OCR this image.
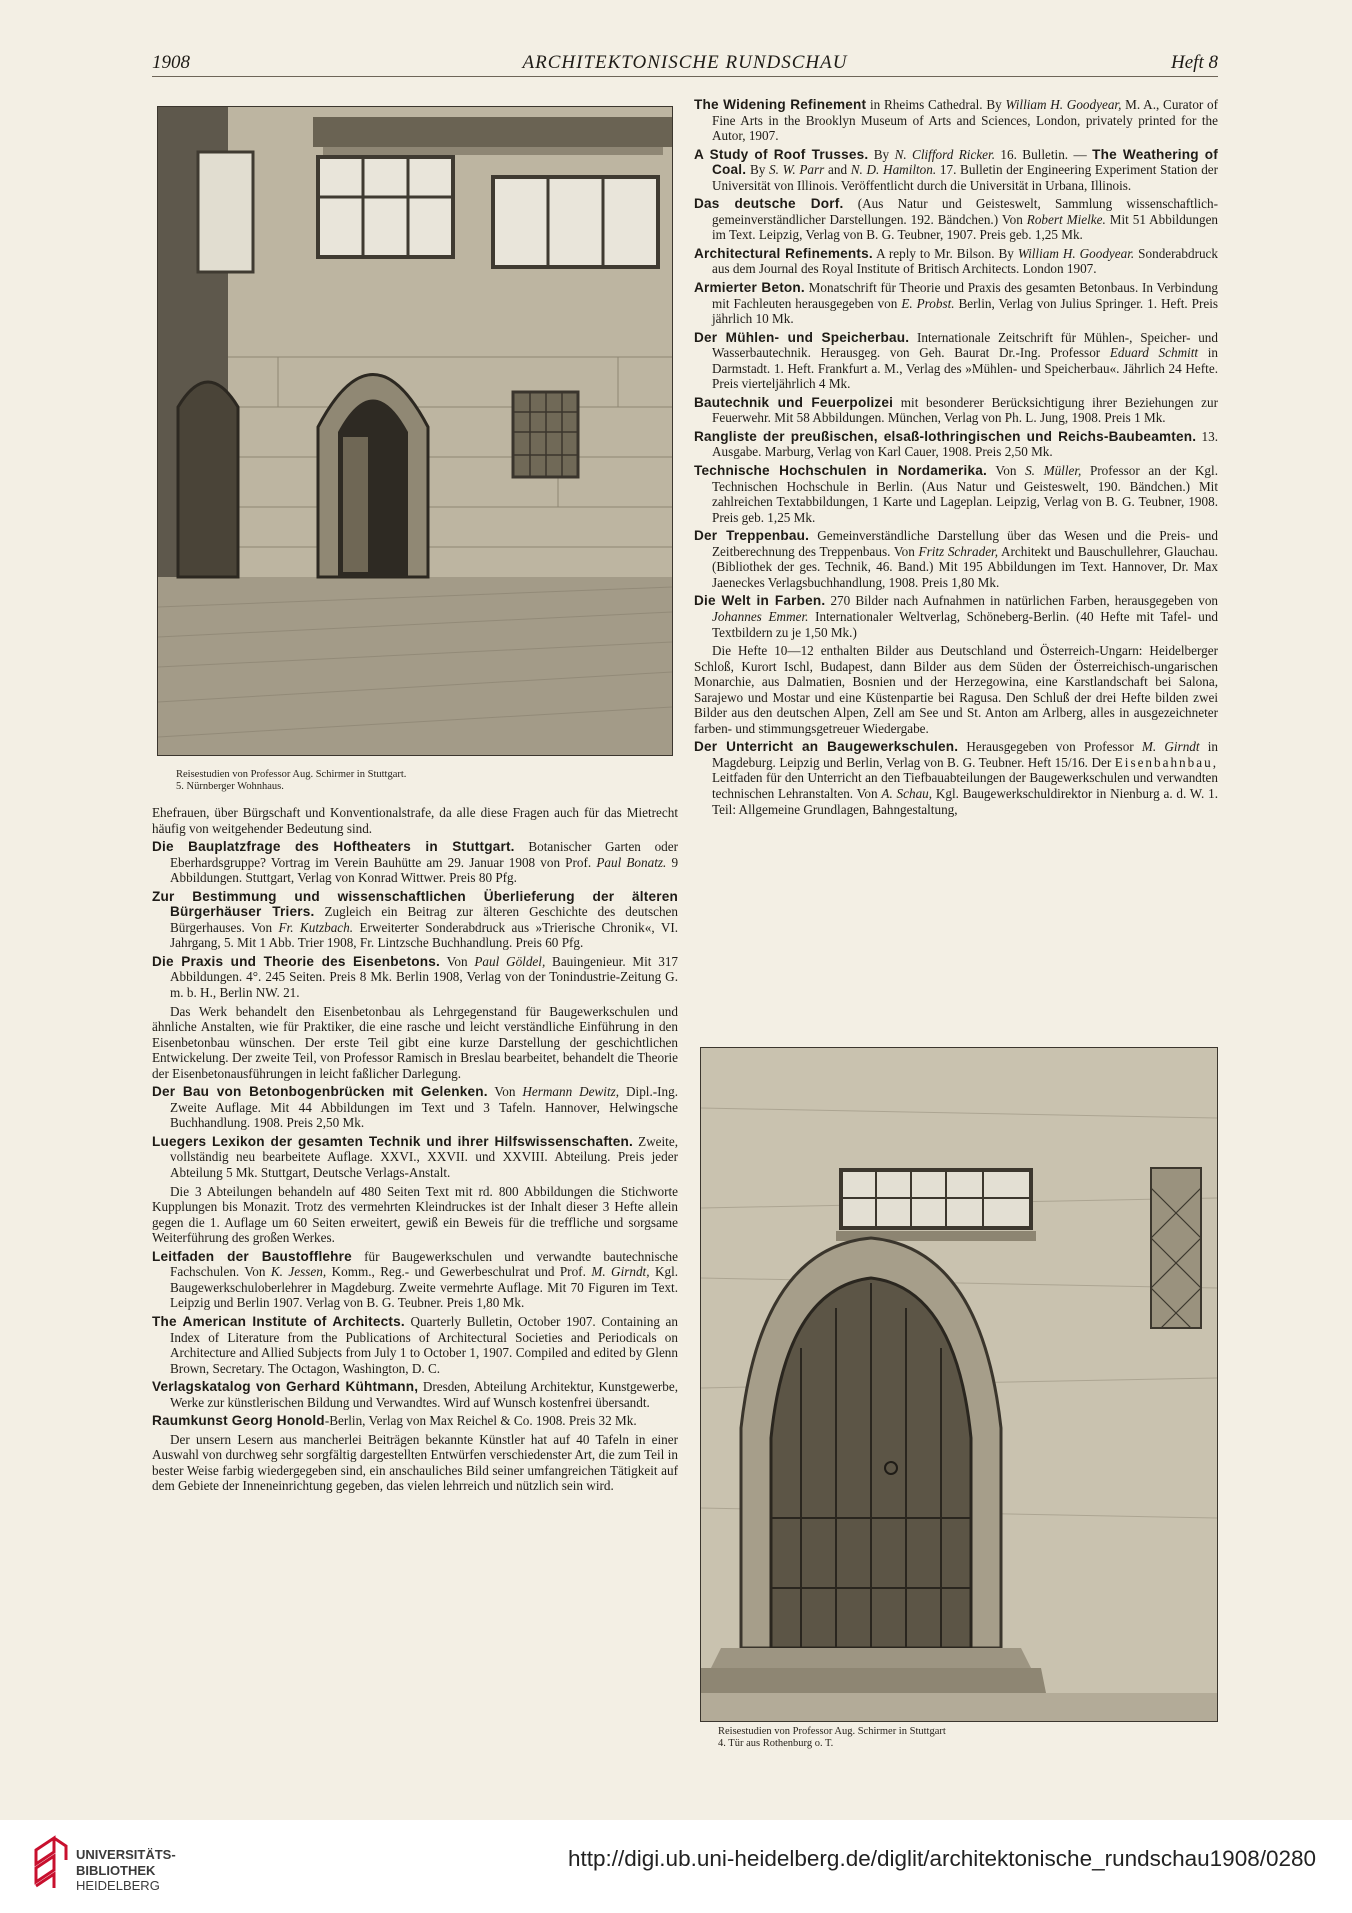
1908	ARCHITEKTONISCHE RUNDSCHAU	Heft 8
Reisestudien von Professor Aug. Schirmer in Stuttgart.
5. Nürnberger Wohnhaus.

Ehefrauen, über Bürgschaft und Konventionalstrafe, da alle diese Fragen auch für das Mietrecht häufig von weitgehender Bedeutung sind.

Die Bauplatzfrage des Hoftheaters in Stuttgart. Botanischer Garten oder Eberhardsgruppe? Vortrag im Verein Bauhütte am 29. Januar 1908 von Prof. Paul Bonatz. 9 Abbildungen. Stuttgart, Verlag von Konrad Wittwer. Preis 80 Pfg.

Zur Bestimmung und wissenschaftlichen Überlieferung der älteren Bürgerhäuser Triers. Zugleich ein Beitrag zur älteren Geschichte des deutschen Bürgerhauses. Von Fr. Kutzbach. Erweiterter Sonderabdruck aus »Trierische Chronik«, VI. Jahrgang, 5. Mit 1 Abb. Trier 1908, Fr. Lintzsche Buchhandlung. Preis 60 Pfg.

Die Praxis und Theorie des Eisenbetons. Von Paul Göldel, Bauingenieur. Mit 317 Abbildungen. 4°. 245 Seiten. Preis 8 Mk. Berlin 1908, Verlag von der Tonindustrie-Zeitung G. m. b. H., Berlin NW. 21.

Das Werk behandelt den Eisenbetonbau als Lehrgegenstand für Baugewerkschulen und ähnliche Anstalten, wie für Praktiker, die eine rasche und leicht verständliche Einführung in den Eisenbetonbau wünschen. Der erste Teil gibt eine kurze Darstellung der geschichtlichen Entwickelung. Der zweite Teil, von Professor Ramisch in Breslau bearbeitet, behandelt die Theorie der Eisenbetonausführungen in leicht faßlicher Darlegung.

Der Bau von Betonbogenbrücken mit Gelenken. Von Hermann Dewitz, Dipl.-Ing. Zweite Auflage. Mit 44 Abbildungen im Text und 3 Tafeln. Hannover, Helwingsche Buchhandlung. 1908. Preis 2,50 Mk.

Luegers Lexikon der gesamten Technik und ihrer Hilfswissenschaften. Zweite, vollständig neu bearbeitete Auflage. XXVI., XXVII. und XXVIII. Abteilung. Preis jeder Abteilung 5 Mk. Stuttgart, Deutsche Verlags-Anstalt.

Die 3 Abteilungen behandeln auf 480 Seiten Text mit rd. 800 Abbildungen die Stichworte Kupplungen bis Monazit. Trotz des vermehrten Kleindruckes ist der Inhalt dieser 3 Hefte allein gegen die 1. Auflage um 60 Seiten erweitert, gewiß ein Beweis für die treffliche und sorgsame Weiterführung des großen Werkes.

Leitfaden der Baustofflehre für Baugewerkschulen und verwandte bautechnische Fachschulen. Von K. Jessen, Komm., Reg.- und Gewerbeschulrat und Prof. M. Girndt, Kgl. Baugewerkschuloberlehrer in Magdeburg. Zweite vermehrte Auflage. Mit 70 Figuren im Text. Leipzig und Berlin 1907. Verlag von B. G. Teubner. Preis 1,80 Mk.

The American Institute of Architects. Quarterly Bulletin, October 1907. Containing an Index of Literature from the Publications of Architectural Societies and Periodicals on Architecture and Allied Subjects from July 1 to October 1, 1907. Compiled and edited by Glenn Brown, Secretary. The Octagon, Washington, D. C.

Verlagskatalog von Gerhard Kühtmann, Dresden, Abteilung Architektur, Kunstgewerbe, Werke zur künstlerischen Bildung und Verwandtes. Wird auf Wunsch kostenfrei übersandt.

Raumkunst Georg Honold-Berlin, Verlag von Max Reichel & Co. 1908. Preis 32 Mk.

Der unsern Lesern aus mancherlei Beiträgen bekannte Künstler hat auf 40 Tafeln in einer Auswahl von durchweg sehr sorgfältig dargestellten Entwürfen verschiedenster Art, die zum Teil in bester Weise farbig wiedergegeben sind, ein anschauliches Bild seiner umfangreichen Tätigkeit auf dem Gebiete der Inneneinrichtung gegeben, das vielen lehrreich und nützlich sein wird.

The Widening Refinement in Rheims Cathedral. By William H. Goodyear, M. A., Curator of Fine Arts in the Brooklyn Museum of Arts and Sciences, London, privately printed for the Autor, 1907.

A Study of Roof Trusses. By N. Clifford Ricker. 16. Bulletin. — The Weathering of Coal. By S. W. Parr and N. D. Hamilton. 17. Bulletin der Engineering Experiment Station der Universität von Illinois. Veröffentlicht durch die Universität in Urbana, Illinois.

Das deutsche Dorf. (Aus Natur und Geisteswelt, Sammlung wissenschaftlich-gemeinverständlicher Darstellungen. 192. Bändchen.) Von Robert Mielke. Mit 51 Abbildungen im Text. Leipzig, Verlag von B. G. Teubner, 1907. Preis geb. 1,25 Mk.

Architectural Refinements. A reply to Mr. Bilson. By William H. Goodyear. Sonderabdruck aus dem Journal des Royal Institute of Britisch Architects. London 1907.

Armierter Beton. Monatschrift für Theorie und Praxis des gesamten Betonbaus. In Verbindung mit Fachleuten herausgegeben von E. Probst. Berlin, Verlag von Julius Springer. 1. Heft. Preis jährlich 10 Mk.

Der Mühlen- und Speicherbau. Internationale Zeitschrift für Mühlen-, Speicher- und Wasserbautechnik. Herausgeg. von Geh. Baurat Dr.-Ing. Professor Eduard Schmitt in Darmstadt. 1. Heft. Frankfurt a. M., Verlag des »Mühlen- und Speicherbau«. Jährlich 24 Hefte. Preis vierteljährlich 4 Mk.

Bautechnik und Feuerpolizei mit besonderer Berücksichtigung ihrer Beziehungen zur Feuerwehr. Mit 58 Abbildungen. München, Verlag von Ph. L. Jung, 1908. Preis 1 Mk.

Rangliste der preußischen, elsaß-lothringischen und Reichs-Baubeamten. 13. Ausgabe. Marburg, Verlag von Karl Cauer, 1908. Preis 2,50 Mk.

Technische Hochschulen in Nordamerika. Von S. Müller, Professor an der Kgl. Technischen Hochschule in Berlin. (Aus Natur und Geisteswelt, 190. Bändchen.) Mit zahlreichen Textabbildungen, 1 Karte und Lageplan. Leipzig, Verlag von B. G. Teubner, 1908. Preis geb. 1,25 Mk.

Der Treppenbau. Gemeinverständliche Darstellung über das Wesen und die Preis- und Zeitberechnung des Treppenbaus. Von Fritz Schrader, Architekt und Bauschullehrer, Glauchau. (Bibliothek der ges. Technik, 46. Band.) Mit 195 Abbildungen im Text. Hannover, Dr. Max Jaeneckes Verlagsbuchhandlung, 1908. Preis 1,80 Mk.

Die Welt in Farben. 270 Bilder nach Aufnahmen in natürlichen Farben, herausgegeben von Johannes Emmer. Internationaler Weltverlag, Schöneberg-Berlin. (40 Hefte mit Tafel- und Textbildern zu je 1,50 Mk.)

Die Hefte 10—12 enthalten Bilder aus Deutschland und Österreich-Ungarn: Heidelberger Schloß, Kurort Ischl, Budapest, dann Bilder aus dem Süden der Österreichisch-ungarischen Monarchie, aus Dalmatien, Bosnien und der Herzegowina, eine Karstlandschaft bei Salona, Sarajewo und Mostar und eine Küstenpartie bei Ragusa. Den Schluß der drei Hefte bilden zwei Bilder aus den deutschen Alpen, Zell am See und St. Anton am Arlberg, alles in ausgezeichneter farben- und stimmungsgetreuer Wiedergabe.

Der Unterricht an Baugewerkschulen. Herausgegeben von Professor M. Girndt in Magdeburg. Leipzig und Berlin, Verlag von B. G. Teubner. Heft 15/16. Der Eisenbahnbau, Leitfaden für den Unterricht an den Tiefbauabteilungen der Baugewerkschulen und verwandten technischen Lehranstalten. Von A. Schau, Kgl. Baugewerkschuldirektor in Nienburg a. d. W. 1. Teil: Allgemeine Grundlagen, Bahngestaltung,

Reisestudien von Professor Aug. Schirmer in Stuttgart
4. Tür aus Rothenburg o. T.
UNIVERSITÄTS-
BIBLIOTHEK
HEIDELBERG
http://digi.ub.uni-heidelberg.de/diglit/architektonische_rundschau1908/0280
